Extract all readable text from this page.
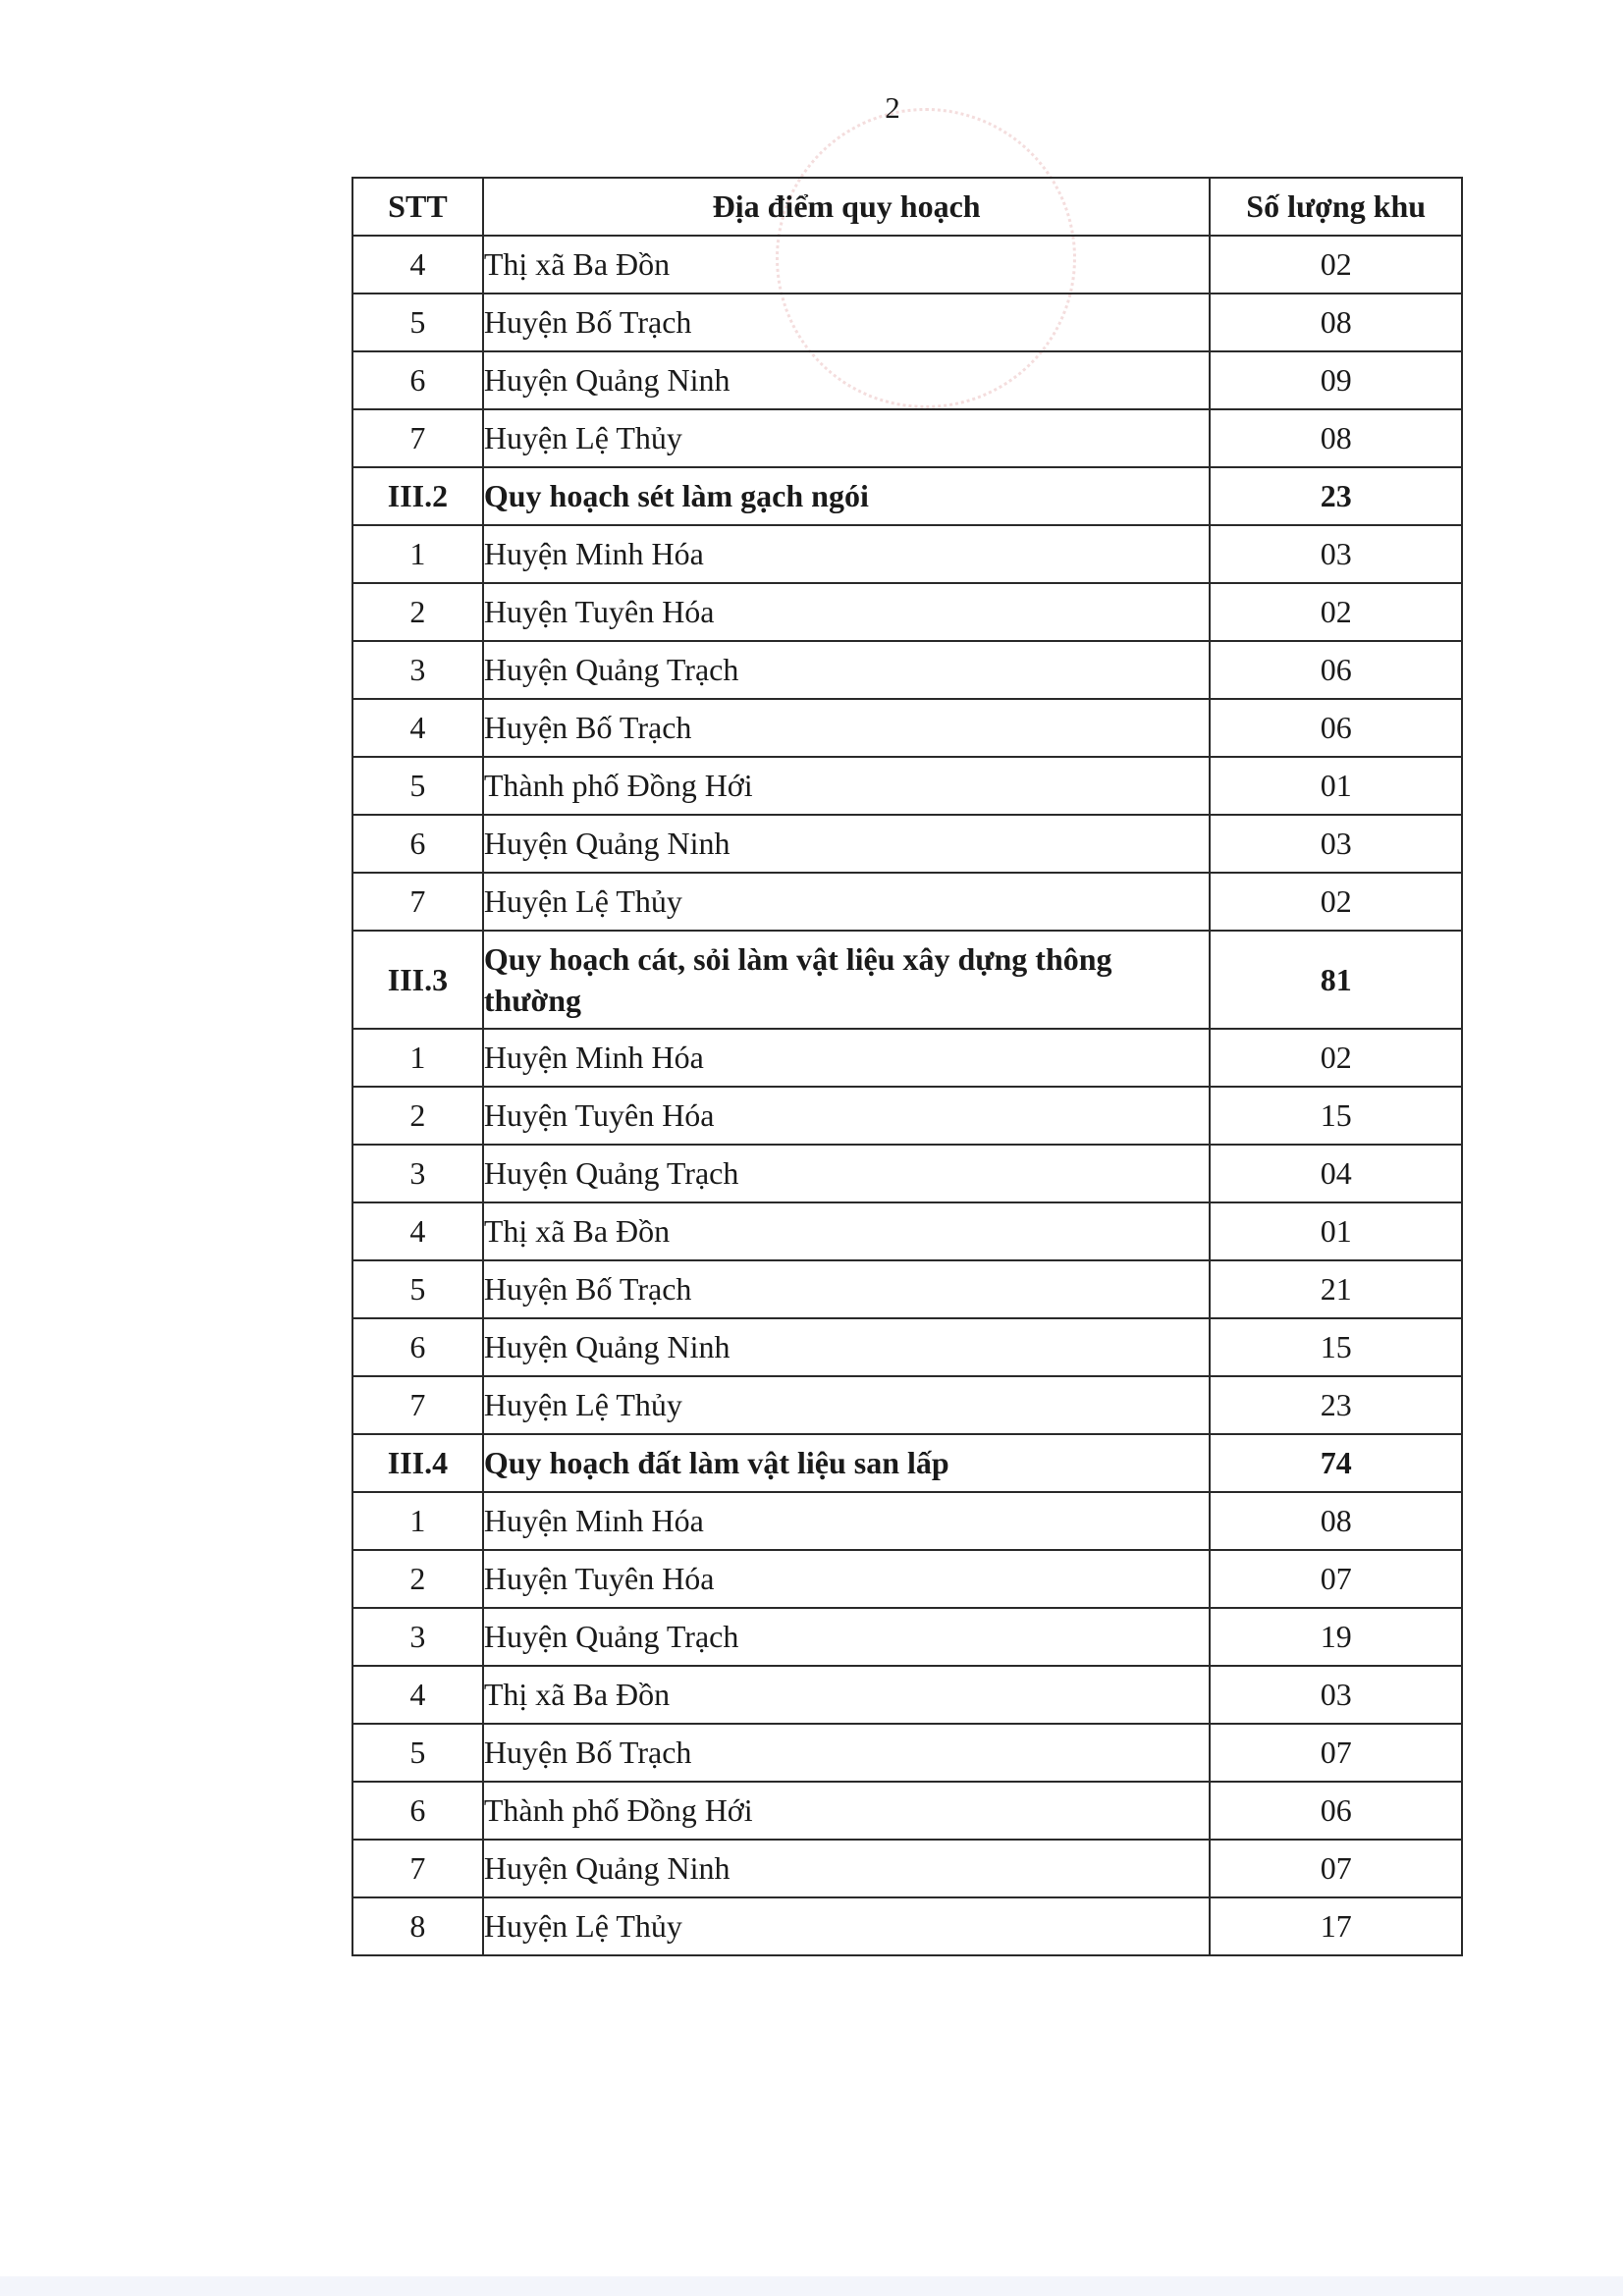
2
STT	Địa điểm quy hoạch	Số lượng khu
4	Thị xã Ba Đồn	02
5	Huyện Bố Trạch	08
6	Huyện Quảng Ninh	09
7	Huyện Lệ Thủy	08
III.2	Quy hoạch sét làm gạch ngói	23
1	Huyện Minh Hóa	03
2	Huyện Tuyên Hóa	02
3	Huyện Quảng Trạch	06
4	Huyện Bố Trạch	06
5	Thành phố Đồng Hới	01
6	Huyện Quảng Ninh	03
7	Huyện Lệ Thủy	02
III.3	Quy hoạch cát, sỏi làm vật liệu xây dựng thông thường	81
1	Huyện Minh Hóa	02
2	Huyện Tuyên Hóa	15
3	Huyện Quảng Trạch	04
4	Thị xã Ba Đồn	01
5	Huyện Bố Trạch	21
6	Huyện Quảng Ninh	15
7	Huyện Lệ Thủy	23
III.4	Quy hoạch đất làm vật liệu san lấp	74
1	Huyện Minh Hóa	08
2	Huyện Tuyên Hóa	07
3	Huyện Quảng Trạch	19
4	Thị xã Ba Đồn	03
5	Huyện Bố Trạch	07
6	Thành phố Đồng Hới	06
7	Huyện Quảng Ninh	07
8	Huyện Lệ Thủy	17
